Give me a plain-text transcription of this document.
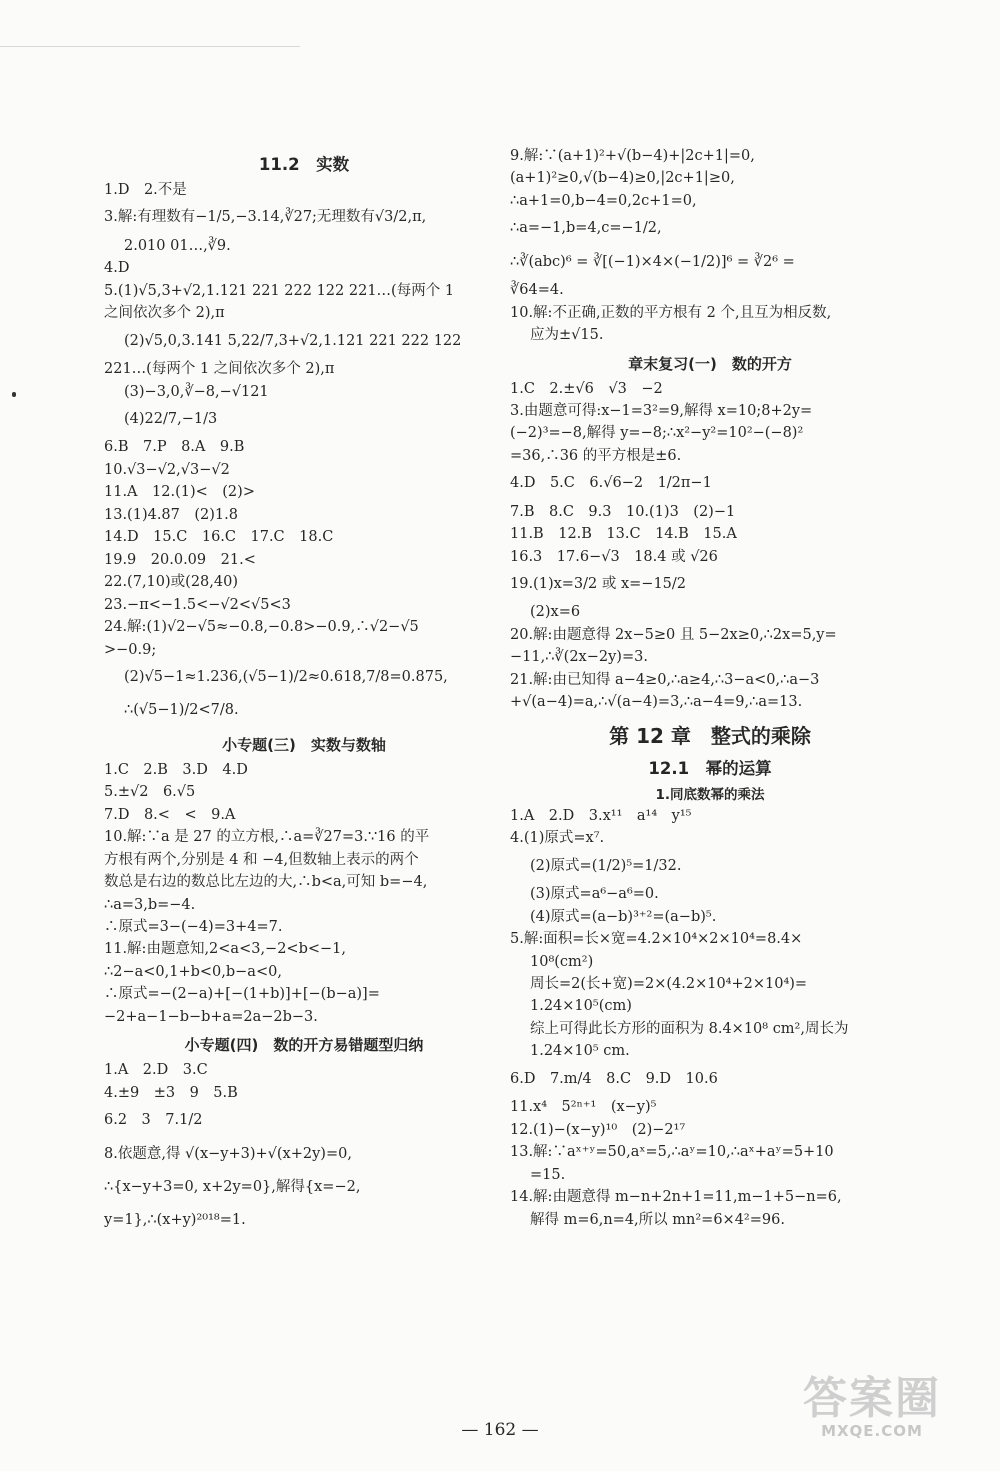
11.2　实数

1.D　2.不是

3.解:有理数有−1/5,−3.14,∛27;无理数有√3/2,π,

2.010 01…,∛9.

4.D

5.(1)√5,3+√2,1.121 221 222 122 221…(每两个 1

之间依次多个 2),π

(2)√5,0,3.141 5,22/7,3+√2,1.121 221 222 122

221…(每两个 1 之间依次多个 2),π

(3)−3,0,∛−8,−√121

(4)22/7,−1/3

6.B　7.P　8.A　9.B

10.√3−√2,√3−√2

11.A　12.(1)<　(2)>

13.(1)4.87　(2)1.8

14.D　15.C　16.C　17.C　18.C

19.9　20.0.09　21.<

22.(7,10)或(28,40)

23.−π<−1.5<−√2<√5<3

24.解:(1)√2−√5≈−0.8,−0.8>−0.9,∴√2−√5

>−0.9;

(2)√5−1≈1.236,(√5−1)/2≈0.618,7/8=0.875,

∴(√5−1)/2<7/8.

小专题(三)　实数与数轴

1.C　2.B　3.D　4.D

5.±√2　6.√5

7.D　8.<　<　9.A

10.解:∵a 是 27 的立方根,∴a=∛27=3.∵16 的平

方根有两个,分别是 4 和 −4,但数轴上表示的两个

数总是右边的数总比左边的大,∴b<a,可知 b=−4,

∴a=3,b=−4.

∴原式=3−(−4)=3+4=7.

11.解:由题意知,2<a<3,−2<b<−1,

∴2−a<0,1+b<0,b−a<0,

∴原式=−(2−a)+[−(1+b)]+[−(b−a)]=

−2+a−1−b−b+a=2a−2b−3.

小专题(四)　数的开方易错题型归纳

1.A　2.D　3.C

4.±9　±3　9　5.B

6.2　3　7.1/2

8.依题意,得 √(x−y+3)+√(x+2y)=0,

∴{x−y+3=0, x+2y=0},解得{x=−2, y=1},∴(x+y)²⁰¹⁸=1.

9.解:∵(a+1)²+√(b−4)+|2c+1|=0,

(a+1)²≥0,√(b−4)≥0,|2c+1|≥0,

∴a+1=0,b−4=0,2c+1=0,

∴a=−1,b=4,c=−1/2,

∴∛(abc)⁶ = ∛[(−1)×4×(−1/2)]⁶ = ∛2⁶ =

∛64=4.

10.解:不正确,正数的平方根有 2 个,且互为相反数,

应为±√15.

章末复习(一)　数的开方

1.C　2.±√6　√3　−2

3.由题意可得:x−1=3²=9,解得 x=10;8+2y=

(−2)³=−8,解得 y=−8;∴x²−y²=10²−(−8)²

=36,∴36 的平方根是±6.

4.D　5.C　6.√6−2　1/2π−1

7.B　8.C　9.3　10.(1)3　(2)−1

11.B　12.B　13.C　14.B　15.A

16.3　17.6−√3　18.4 或 √26

19.(1)x=3/2 或 x=−15/2

(2)x=6

20.解:由题意得 2x−5≥0 且 5−2x≥0,∴2x=5,y=

−11,∴∛(2x−2y)=3.

21.解:由已知得 a−4≥0,∴a≥4,∴3−a<0,∴a−3

+√(a−4)=a,∴√(a−4)=3,∴a−4=9,∴a=13.

第 12 章　整式的乘除
12.1　幂的运算
1.同底数幂的乘法

1.A　2.D　3.x¹¹　a¹⁴　y¹⁵

4.(1)原式=x⁷.

(2)原式=(1/2)⁵=1/32.

(3)原式=a⁶−a⁶=0.

(4)原式=(a−b)³⁺²=(a−b)⁵.

5.解:面积=长×宽=4.2×10⁴×2×10⁴=8.4×

10⁸(cm²)

周长=2(长+宽)=2×(4.2×10⁴+2×10⁴)=

1.24×10⁵(cm)

综上可得此长方形的面积为 8.4×10⁸ cm²,周长为

1.24×10⁵ cm.

6.D　7.m/4　8.C　9.D　10.6

11.x⁴　5²ⁿ⁺¹　(x−y)⁵

12.(1)−(x−y)¹⁰　(2)−2¹⁷

13.解:∵aˣ⁺ʸ=50,aˣ=5,∴aʸ=10,∴aˣ+aʸ=5+10

=15.

14.解:由题意得 m−n+2n+1=11,m−1+5−n=6,

解得 m=6,n=4,所以 mn²=6×4²=96.

— 162 —
答案圈
MXQE.COM
